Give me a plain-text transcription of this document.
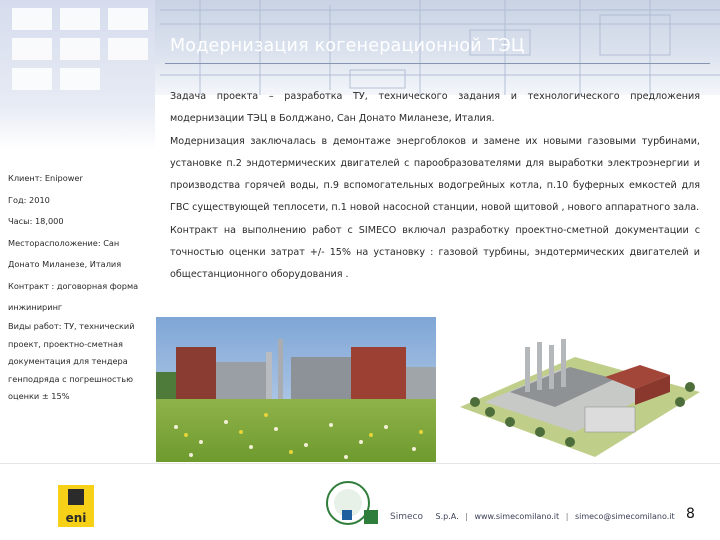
Модернизация когенерационной ТЭЦ

Задача проекта – разработка ТУ, технического задания и технологического предложения модернизации ТЭЦ в Болджано, Сан Донато Миланезе, Италия.

Модернизация заключалась в демонтаже энергоблоков и замене их новыми газовыми турбинами, установке п.2 эндотермических двигателей с парообразователями для выработки электроэнергии и производства горячей воды, п.9 вспомогательных водогрейных котла, п.10 буферных емкостей для ГВС существующей теплосети, п.1 новой насосной станции, новой щитовой , нового аппаратного зала.

Контракт на выполнению работ с SIMECO включал разработку проектно-сметной документации с точностью оценки затрат +/- 15% на установку : газовой турбины, эндотермических двигателей и общестанционного оборудования .

Клиент: Enipower
Год: 2010
Часы: 18,000
Месторасположение: Сан
Донато Миланезе, Италия
Контракт : договорная форма
инжиниринг
Виды работ: ТУ, технический
проект, проектно-сметная
документация для тендера
генподряда с погрешностью
оценки ± 15%
eni	Simeco S.p.A. | www.simecomilano.it | simeco@simecomilano.it 8
